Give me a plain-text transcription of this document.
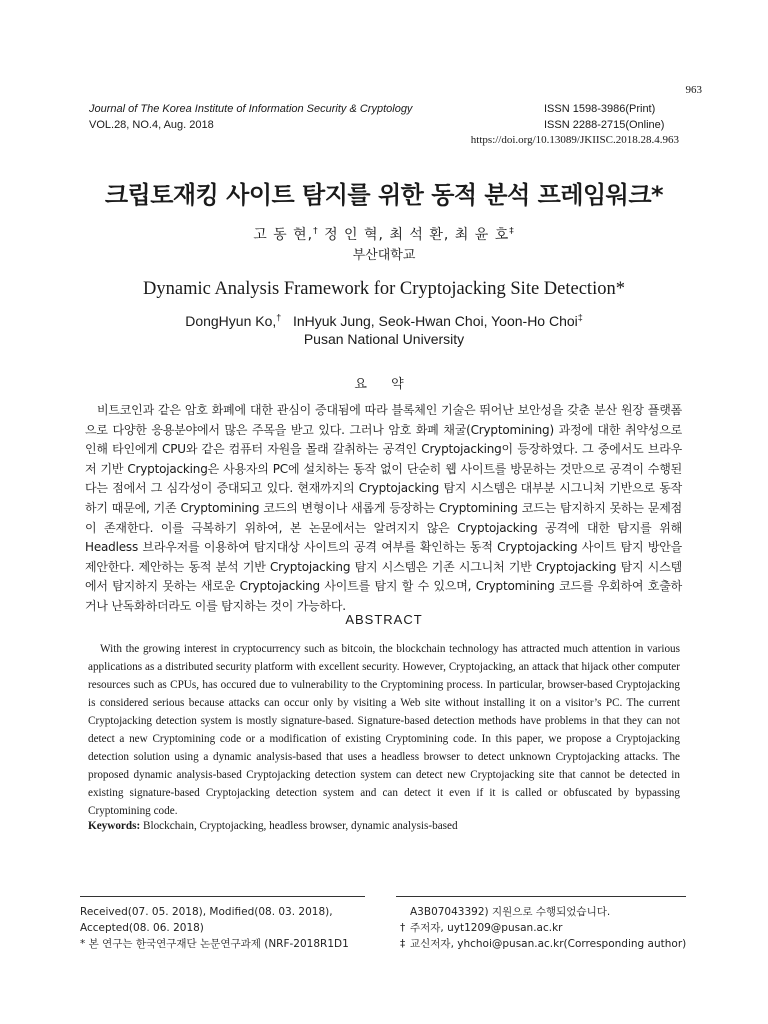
963
Journal of The Korea Institute of Information Security & Cryptology
VOL.28, NO.4, Aug. 2018
ISSN 1598-3986(Print)
ISSN 2288-2715(Online)
https://doi.org/10.13089/JKIISC.2018.28.4.963
크립토재킹 사이트 탐지를 위한 동적 분석 프레임워크*
고 동 현,† 정 인 혁, 최 석 환, 최 윤 호‡
부산대학교
Dynamic Analysis Framework for Cryptojacking Site Detection*
DongHyun Ko,†   InHyuk Jung, Seok-Hwan Choi, Yoon-Ho Choi‡
Pusan National University
요 약
비트코인과 같은 암호 화폐에 대한 관심이 증대됨에 따라 블록체인 기술은 뛰어난 보안성을 갖춘 분산 원장 플랫폼으로 다양한 응용분야에서 많은 주목을 받고 있다. 그러나 암호 화폐 채굴(Cryptomining) 과정에 대한 취약성으로 인해 타인에게 CPU와 같은 컴퓨터 자원을 몰래 갈취하는 공격인 Cryptojacking이 등장하였다. 그 중에서도 브라우저 기반 Cryptojacking은 사용자의 PC에 설치하는 동작 없이 단순히 웹 사이트를 방문하는 것만으로 공격이 수행된다는 점에서 그 심각성이 증대되고 있다. 현재까지의 Cryptojacking 탐지 시스템은 대부분 시그니처 기반으로 동작하기 때문에, 기존 Cryptomining 코드의 변형이나 새롭게 등장하는 Cryptomining 코드는 탐지하지 못하는 문제점이 존재한다. 이를 극복하기 위하여, 본 논문에서는 알려지지 않은 Cryptojacking 공격에 대한 탐지를 위해 Headless 브라우저를 이용하여 탐지대상 사이트의 공격 여부를 확인하는 동적 Cryptojacking 사이트 탐지 방안을 제안한다. 제안하는 동적 분석 기반 Cryptojacking 탐지 시스템은 기존 시그니처 기반 Cryptojacking 탐지 시스템에서 탐지하지 못하는 새로운 Cryptojacking 사이트를 탐지 할 수 있으며, Cryptomining 코드를 우회하여 호출하거나 난독화하더라도 이를 탐지하는 것이 가능하다.
ABSTRACT
With the growing interest in cryptocurrency such as bitcoin, the blockchain technology has attracted much attention in various applications as a distributed security platform with excellent security. However, Cryptojacking, an attack that hijack other computer resources such as CPUs, has occured due to vulnerability to the Cryptomining process. In particular, browser-based Cryptojacking is considered serious because attacks can occur only by visiting a Web site without installing it on a visitor’s PC. The current Cryptojacking detection system is mostly signature-based. Signature-based detection methods have problems in that they can not detect a new Cryptomining code or a modification of existing Cryptomining code. In this paper, we propose a Cryptojacking detection solution using a dynamic analysis-based that uses a headless browser to detect unknown Cryptojacking attacks. The proposed dynamic analysis-based Cryptojacking detection system can detect new Cryptojacking site that cannot be detected in existing signature-based Cryptojacking detection system and can detect it even if it is called or obfuscated by bypassing Cryptomining code.
Keywords: Blockchain, Cryptojacking, headless browser, dynamic analysis-based
Received(07. 05. 2018), Modified(08. 03. 2018),
Accepted(08. 06. 2018)
* 본 연구는 한국연구재단 논문연구과제 (NRF-2018R1D1
A3B07043392) 지원으로 수행되었습니다.
† 주저자, uyt1209@pusan.ac.kr
‡ 교신저자, yhchoi@pusan.ac.kr(Corresponding author)
